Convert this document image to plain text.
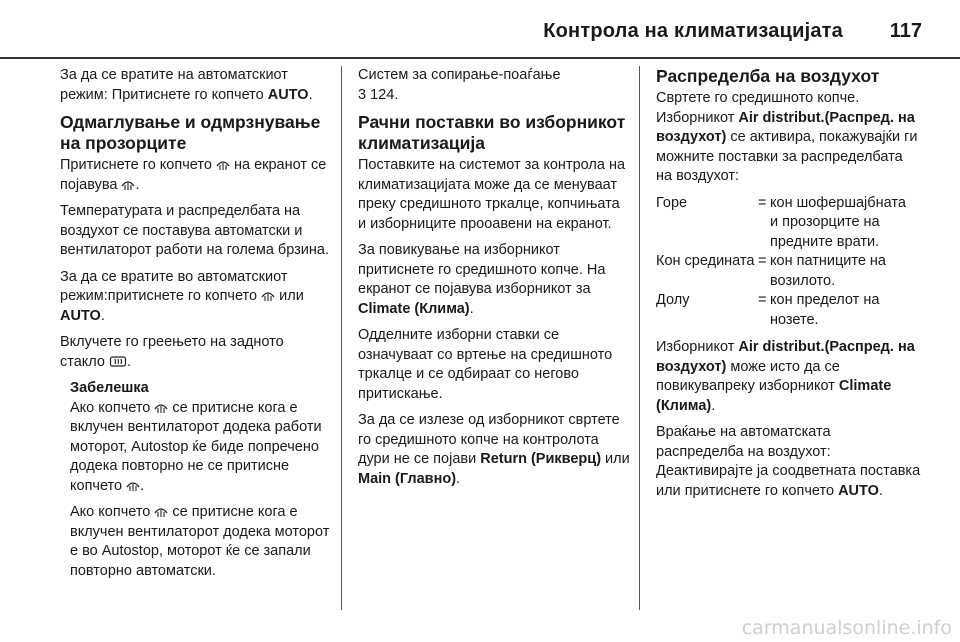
Контрола на климатизацијата 117

За да се вратите на автоматскиот режим: Притиснете го копчето AUTO.

Одмаглување и одмрзнување на прозорците

Притиснете го копчето  на екранот се појавува .

Температурата и распределбата на воздухот се поставува автоматски и вентилаторот работи на голема брзина.

За да се вратите во автоматскиот режим:притиснете го копчето  или AUTO.

Вклучете го греењето на задното стакло .

Забелешка

Ако копчето  се притисне кога е вклучен вентилаторот додека работи моторот, Autostop ќе биде попречено додека повторно не се притисне копчето .

Ако копчето  се притисне кога е вклучен вентилаторот додека моторот е во Autostop, моторот ќе се запали повторно автоматски.

Систем за сопирање-поаѓање
3 124.

Рачни поставки во изборникот климатизација

Поставките на системот за контрола на климатизацијата може да се менуваат преку средишното тркалце, копчињата и изборниците прооавени на екранот.

За повикување на изборникот притиснете го средишното копче. На екранот се појавува изборникот за Climate (Клима).

Одделните изборни ставки се означуваат со вртење на средишното тркалце и се одбираат со негово притискање.

За да се излезе од изборникот свртете го средишното копче на контролота дури не се појави Return (Рикверц) или Main (Главно).

Распределба на воздухот

Свртете го средишното копче.

Изборникот Air distribut.(Распред. на воздухот) се активира, покажувајќи ги можните поставки за распределбата на воздухот:

Горе	= кон шофершајбната и прозорците на предните врати.
Кон средината = кон патниците на возилото.
Долу	= кон пределот на нозете.

Изборникот Air distribut.(Распред. на воздухот) може исто да се повикувапреку изборникот Climate (Клима).

Враќање на автоматската распределба на воздухот:

Деактивирајте ја соодветната поставка или притиснете го копчето AUTO.

carmanualsonline.info
